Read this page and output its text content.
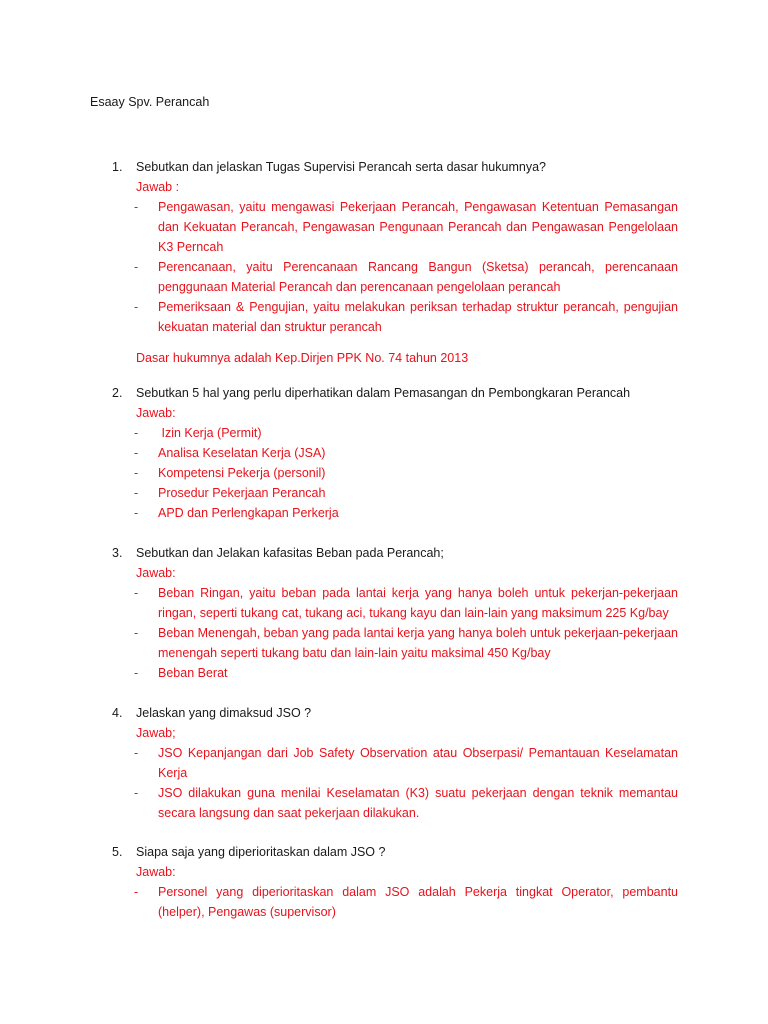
Esaay Spv. Perancah
1. Sebutkan dan jelaskan Tugas Supervisi Perancah serta dasar hukumnya?
Jawab :
- Pengawasan, yaitu mengawasi Pekerjaan Perancah, Pengawasan Ketentuan Pemasangan dan Kekuatan Perancah, Pengawasan Pengunaan Perancah dan Pengawasan Pengelolaan K3 Perncah
- Perencanaan, yaitu Perencanaan Rancang Bangun (Sketsa) perancah, perencanaan penggunaan Material Perancah dan perencanaan pengelolaan perancah
- Pemeriksaan & Pengujian, yaitu melakukan periksan terhadap struktur perancah, pengujian kekuatan material dan struktur perancah
Dasar hukumnya adalah Kep.Dirjen PPK No. 74 tahun 2013
2. Sebutkan 5 hal yang perlu diperhatikan dalam Pemasangan dn Pembongkaran Perancah
Jawab:
- Izin Kerja (Permit)
- Analisa Keselatan Kerja (JSA)
- Kompetensi Pekerja (personil)
- Prosedur Pekerjaan Perancah
- APD dan Perlengkapan Perkerja
3. Sebutkan dan Jelakan kafasitas Beban pada Perancah;
Jawab:
- Beban Ringan, yaitu beban pada lantai kerja yang hanya boleh untuk pekerjan-pekerjaan ringan, seperti tukang cat, tukang aci, tukang kayu dan lain-lain yang maksimum 225 Kg/bay
- Beban Menengah, beban yang pada lantai kerja yang hanya boleh untuk pekerjaan-pekerjaan menengah seperti tukang batu dan lain-lain yaitu maksimal 450 Kg/bay
- Beban Berat
4. Jelaskan yang dimaksud JSO ?
Jawab;
- JSO Kepanjangan dari Job Safety Observation atau Obserpasi/ Pemantauan Keselamatan Kerja
- JSO dilakukan guna menilai Keselamatan (K3) suatu pekerjaan dengan teknik memantau secara langsung dan saat pekerjaan dilakukan.
5. Siapa saja yang diperioritaskan dalam JSO ?
Jawab:
- Personel yang diperioritaskan dalam JSO adalah Pekerja tingkat Operator, pembantu (helper), Pengawas (supervisor)
